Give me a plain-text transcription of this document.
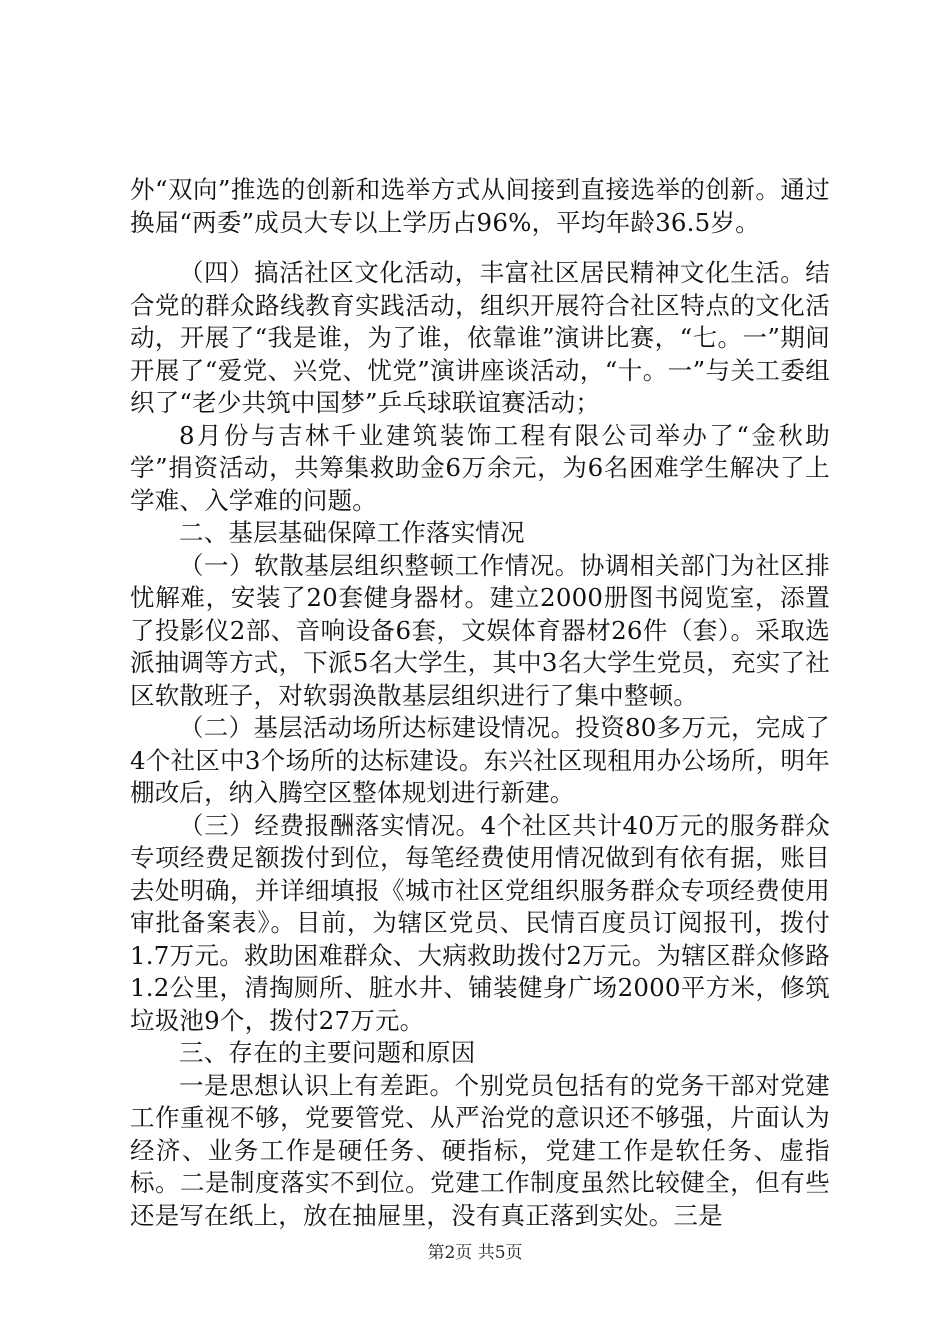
外“双向”推选的创新和选举方式从间接到直接选举的创新。通过换届“两委”成员大专以上学历占96%，平均年龄36.5岁。

（四）搞活社区文化活动，丰富社区居民精神文化生活。结合党的群众路线教育实践活动，组织开展符合社区特点的文化活动，开展了“我是谁，为了谁，依靠谁”演讲比赛，“七。一”期间开展了“爱党、兴党、忧党”演讲座谈活动，“十。一”与关工委组织了“老少共筑中国梦”乒乓球联谊赛活动；

8月份与吉林千业建筑装饰工程有限公司举办了“金秋助学”捐资活动，共筹集救助金6万余元，为6名困难学生解决了上学难、入学难的问题。

二、基层基础保障工作落实情况

（一）软散基层组织整顿工作情况。协调相关部门为社区排忧解难，安装了20套健身器材。建立2000册图书阅览室，添置了投影仪2部、音响设备6套，文娱体育器材26件（套）。采取选派抽调等方式，下派5名大学生，其中3名大学生党员，充实了社区软散班子，对软弱涣散基层组织进行了集中整顿。

（二）基层活动场所达标建设情况。投资80多万元，完成了4个社区中3个场所的达标建设。东兴社区现租用办公场所，明年棚改后，纳入腾空区整体规划进行新建。

（三）经费报酬落实情况。4个社区共计40万元的服务群众专项经费足额拨付到位，每笔经费使用情况做到有依有据，账目去处明确，并详细填报《城市社区党组织服务群众专项经费使用审批备案表》。目前，为辖区党员、民情百度员订阅报刊，拨付1.7万元。救助困难群众、大病救助拨付2万元。为辖区群众修路1.2公里，清掏厕所、脏水井、铺装健身广场2000平方米，修筑垃圾池9个，拨付27万元。

三、存在的主要问题和原因

一是思想认识上有差距。个别党员包括有的党务干部对党建工作重视不够，党要管党、从严治党的意识还不够强，片面认为经济、业务工作是硬任务、硬指标，党建工作是软任务、虚指标。二是制度落实不到位。党建工作制度虽然比较健全，但有些还是写在纸上，放在抽屉里，没有真正落到实处。三是

第2页 共5页
